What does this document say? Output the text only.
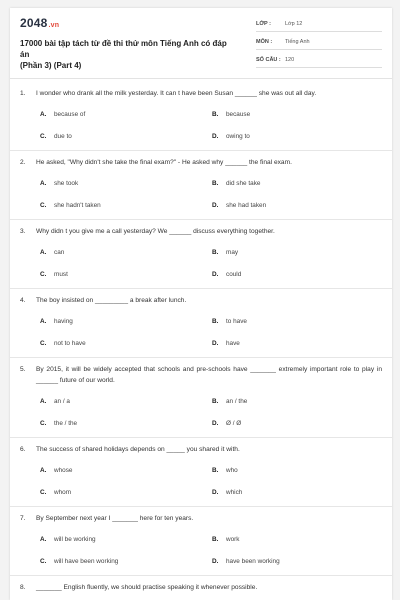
2048.vn
17000 bài tập tách từ đề thi thử môn Tiếng Anh có đáp án
(Phần 3) (Part 4)
LỚP :	Lớp 12
MÔN :	Tiếng Anh
SỐ CÂU : 120
1.	I wonder who drank all the milk yesterday. It can t have been Susan ______ she was out all day.
A.	because of	B.	because
C.	due to	D.	owing to
2.	He asked, "Why didn't she take the final exam?" - He asked why ______ the final exam.
A.	she took	B.	did she take
C.	she hadn't taken	D.	she had taken
3.	Why didn t you give me a call yesterday? We ______ discuss everything together.
A.	can	B.	may
C.	must	D.	could
4.	The boy insisted on _________ a break after lunch.
A.	having	B.	to have
C.	not to have	D.	have
5.	By 2015, it will be widely accepted that schools and pre-schools have _______ extremely important role to play in ______ future of our world.
A.	an / a	B.	an / the
C.	the / the	D.	Ø / Ø
6.	The success of shared holidays depends on _____ you shared it with.
A.	whose	B.	who
C.	whom	D.	which
7.	By September next year I _______ here for ten years.
A.	will be working	B.	work
C.	will have been working	D.	have been working
8.	_______ English fluently, we should practise speaking it whenever possible.
